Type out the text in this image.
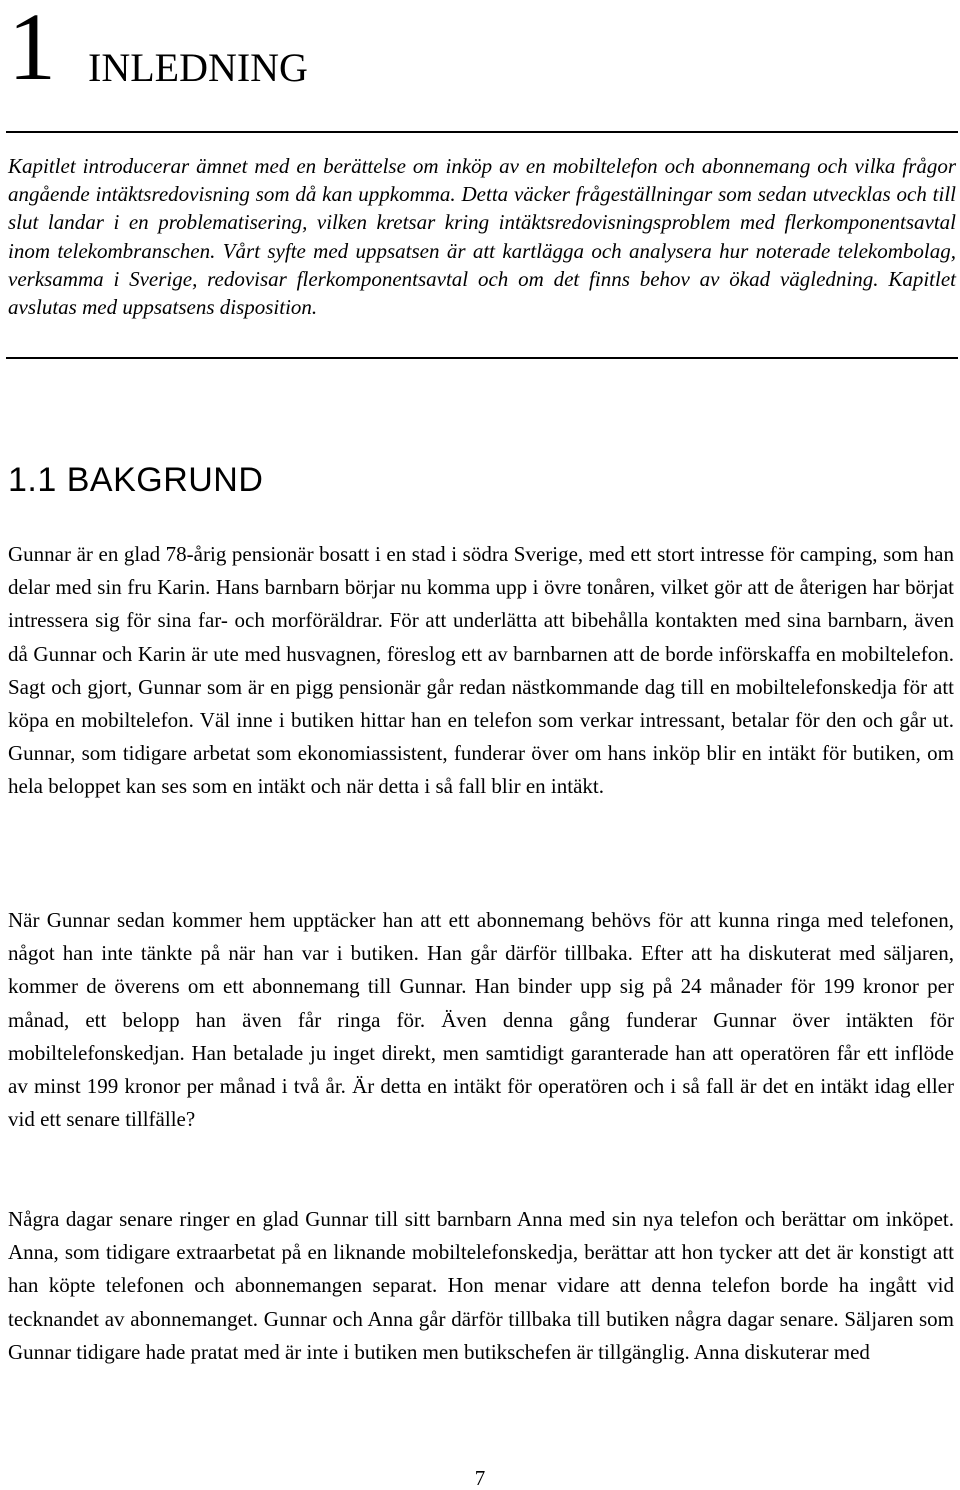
1 INLEDNING

Kapitlet introducerar ämnet med en berättelse om inköp av en mobiltelefon och abonnemang och vilka frågor angående intäktsredovisning som då kan uppkomma. Detta väcker frågeställningar som sedan utvecklas och till slut landar i en problematisering, vilken kretsar kring intäktsredovisningsproblem med flerkomponentsavtal inom telekombranschen. Vårt syfte med uppsatsen är att kartlägga och analysera hur noterade telekombolag, verksamma i Sverige, redovisar flerkomponentsavtal och om det finns behov av ökad vägledning. Kapitlet avslutas med uppsatsens disposition.

1.1 BAKGRUND

Gunnar är en glad 78-årig pensionär bosatt i en stad i södra Sverige, med ett stort intresse för camping, som han delar med sin fru Karin. Hans barnbarn börjar nu komma upp i övre tonåren, vilket gör att de återigen har börjat intressera sig för sina far- och morföräldrar. För att underlätta att bibehålla kontakten med sina barnbarn, även då Gunnar och Karin är ute med husvagnen, föreslog ett av barnbarnen att de borde införskaffa en mobiltelefon. Sagt och gjort, Gunnar som är en pigg pensionär går redan nästkommande dag till en mobiltelefonskedja för att köpa en mobiltelefon. Väl inne i butiken hittar han en telefon som verkar intressant, betalar för den och går ut. Gunnar, som tidigare arbetat som ekonomiassistent, funderar över om hans inköp blir en intäkt för butiken, om hela beloppet kan ses som en intäkt och när detta i så fall blir en intäkt.

När Gunnar sedan kommer hem upptäcker han att ett abonnemang behövs för att kunna ringa med telefonen, något han inte tänkte på när han var i butiken. Han går därför tillbaka. Efter att ha diskuterat med säljaren, kommer de överens om ett abonnemang till Gunnar. Han binder upp sig på 24 månader för 199 kronor per månad, ett belopp han även får ringa för. Även denna gång funderar Gunnar över intäkten för mobiltelefonskedjan. Han betalade ju inget direkt, men samtidigt garanterade han att operatören får ett inflöde av minst 199 kronor per månad i två år. Är detta en intäkt för operatören och i så fall är det en intäkt idag eller vid ett senare tillfälle?

Några dagar senare ringer en glad Gunnar till sitt barnbarn Anna med sin nya telefon och berättar om inköpet. Anna, som tidigare extraarbetat på en liknande mobiltelefonskedja, berättar att hon tycker att det är konstigt att han köpte telefonen och abonnemangen separat. Hon menar vidare att denna telefon borde ha ingått vid tecknandet av abonnemanget. Gunnar och Anna går därför tillbaka till butiken några dagar senare. Säljaren som Gunnar tidigare hade pratat med är inte i butiken men butikschefen är tillgänglig. Anna diskuterar med

7
